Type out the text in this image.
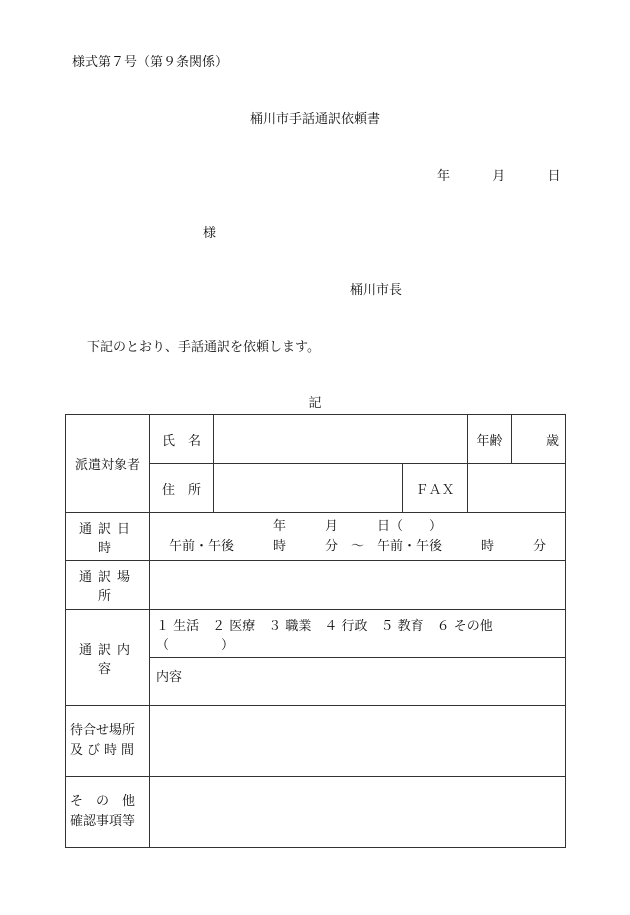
様式第７号（第９条関係）
桶川市手話通訳依頼書
年	月	日
様
桶川市長
下記のとおり、手話通訳を依頼します。
記
派遣対象者	氏　名			年齢	歳
	住　所		ＦＡＸ		
通訳日時	年　　　月　　　日（　　）
午前・午後　　　時　　　分　～　午前・午後　　　時　　　分				

通訳場所					
通訳内容	１ 生活　２ 医療　３ 職業　４ 行政　５ 教育　６ その他（　　　　）				
	内容				

待合せ場所
及び時間					

そ　の　他
確認事項等					
